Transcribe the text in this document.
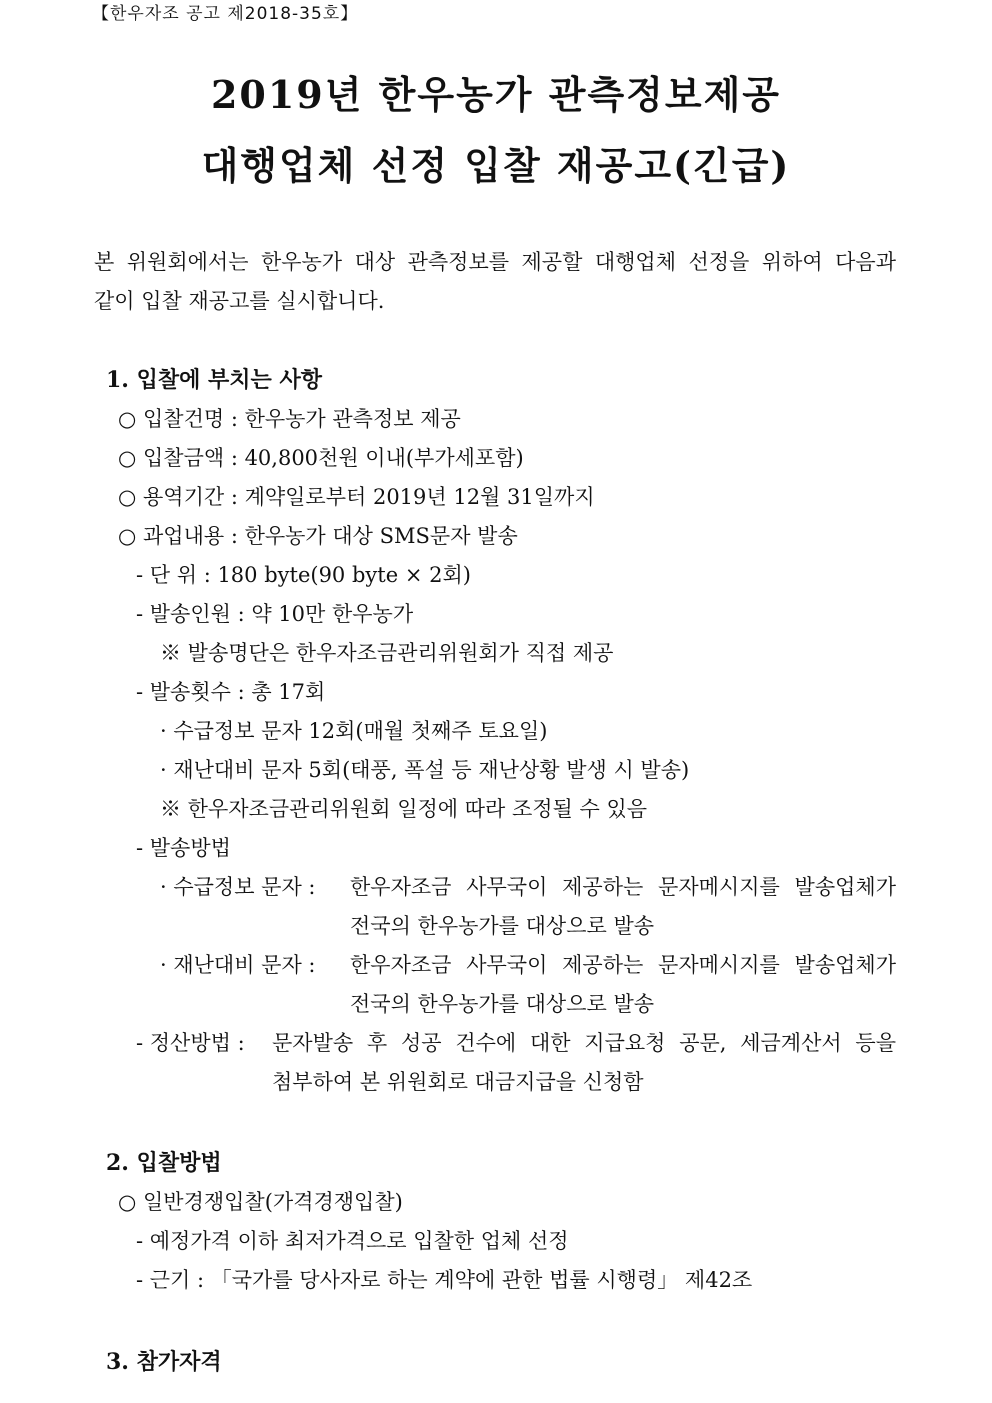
【한우자조 공고 제2018-35호】
2019년 한우농가 관측정보제공
대행업체 선정 입찰 재공고(긴급)
본 위원회에서는 한우농가 대상 관측정보를 제공할 대행업체 선정을 위하여 다음과
같이 입찰 재공고를 실시합니다.
1. 입찰에 부치는 사항
○ 입찰건명 : 한우농가 관측정보 제공
○ 입찰금액 : 40,800천원 이내(부가세포함)
○ 용역기간 : 계약일로부터 2019년 12월 31일까지
○ 과업내용 : 한우농가 대상 SMS문자 발송
- 단 위 : 180 byte(90 byte × 2회)
- 발송인원 : 약 10만 한우농가
※ 발송명단은 한우자조금관리위원회가 직접 제공
- 발송횟수 : 총 17회
· 수급정보 문자 12회(매월 첫째주 토요일)
· 재난대비 문자 5회(태풍, 폭설 등 재난상황 발생 시 발송)
※ 한우자조금관리위원회 일정에 따라 조정될 수 있음
- 발송방법
· 수급정보 문자 : 한우자조금 사무국이 제공하는 문자메시지를 발송업체가
전국의 한우농가를 대상으로 발송
· 재난대비 문자 : 한우자조금 사무국이 제공하는 문자메시지를 발송업체가
전국의 한우농가를 대상으로 발송
- 정산방법 : 문자발송 후 성공 건수에 대한 지급요청 공문, 세금계산서 등을
첨부하여 본 위원회로 대금지급을 신청함
2. 입찰방법
○ 일반경쟁입찰(가격경쟁입찰)
- 예정가격 이하 최저가격으로 입찰한 업체 선정
- 근기 : 「국가를 당사자로 하는 계약에 관한 법률 시행령」 제42조
3. 참가자격
